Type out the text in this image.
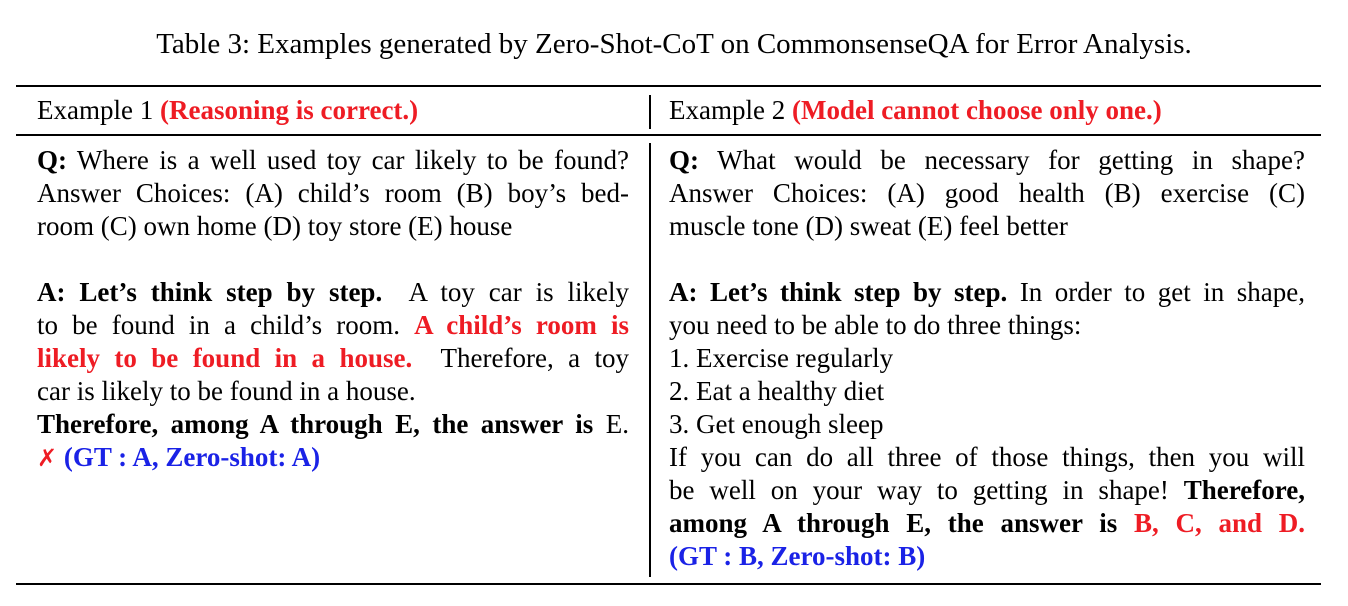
Table 3: Examples generated by Zero-Shot-CoT on CommonsenseQA for Error Analysis.
Example 1 (Reasoning is correct.)	Example 2 (Model cannot choose only one.)
Q: Where is a well used toy car likely to be found?
Answer Choices: (A) child’s room (B) boy’s bed-
room (C) own home (D) toy store (E) house
A: Let’s think step by step. A toy car is likely
to be found in a child’s room. A child’s room is
likely to be found in a house. Therefore, a toy
car is likely to be found in a house.
Therefore, among A through E, the answer is E.
✗ (GT : A, Zero-shot: A)
Q: What would be necessary for getting in shape?
Answer Choices: (A) good health (B) exercise (C)
muscle tone (D) sweat (E) feel better
A: Let’s think step by step. In order to get in shape,
you need to be able to do three things:
1. Exercise regularly
2. Eat a healthy diet
3. Get enough sleep
If you can do all three of those things, then you will
be well on your way to getting in shape! Therefore,
among A through E, the answer is B, C, and D.
(GT : B, Zero-shot: B)
